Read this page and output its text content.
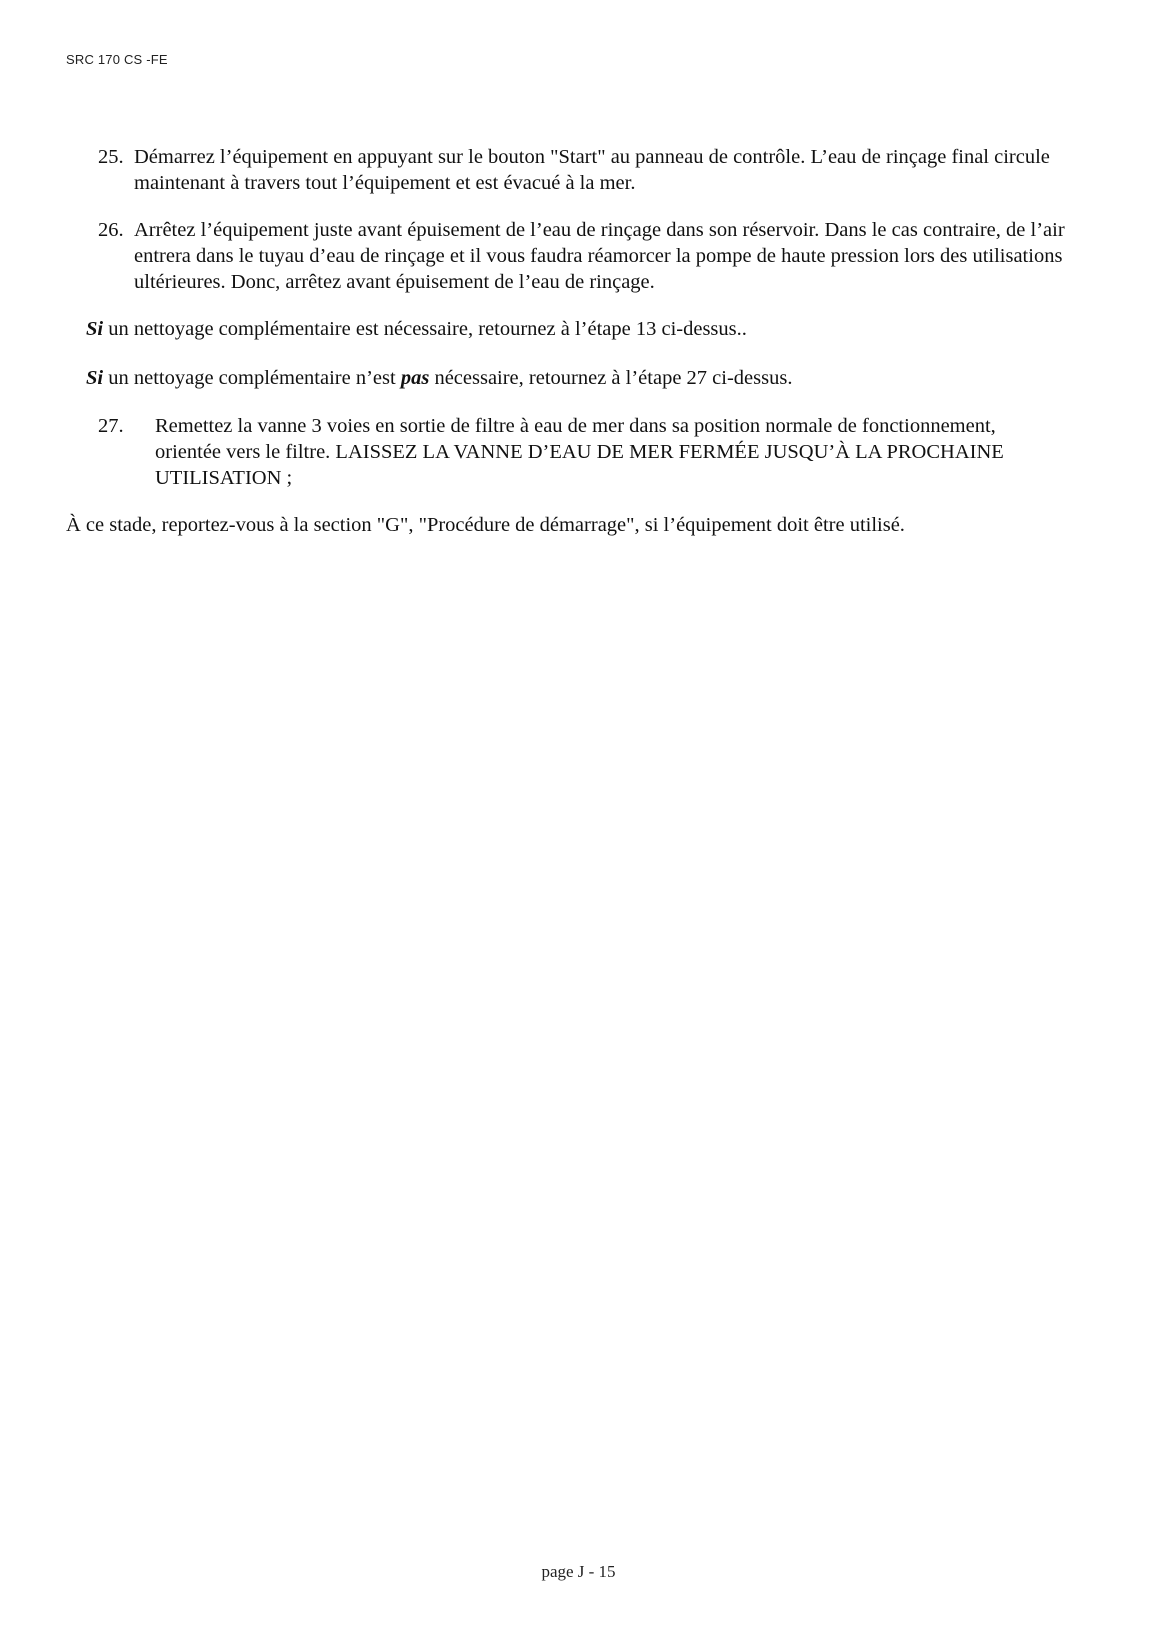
SRC 170 CS -FE
25. Démarrez l’équipement en appuyant sur le bouton "Start" au panneau de contrôle. L’eau de rinçage final circule maintenant à travers tout l’équipement et est évacué à la mer.
26. Arrêtez l’équipement juste avant épuisement de l’eau de rinçage dans son réservoir. Dans le cas contraire, de l’air entrera dans le tuyau d’eau de rinçage et il vous faudra réamorcer la pompe de haute pression lors des utilisations ultérieures. Donc, arrêtez avant épuisement de l’eau de rinçage.
Si un nettoyage complémentaire est nécessaire, retournez à l’étape 13 ci-dessus..
Si un nettoyage complémentaire n’est pas nécessaire, retournez à l’étape 27 ci-dessus.
27. Remettez la vanne 3 voies en sortie de filtre à eau de mer dans sa position normale de fonctionnement, orientée vers le filtre. LAISSEZ LA VANNE D’EAU DE MER FERMÉE JUSQU’À LA PROCHAINE UTILISATION ;
À ce stade, reportez-vous à la section "G", "Procédure de démarrage", si l’équipement doit être utilisé.
page J - 15
